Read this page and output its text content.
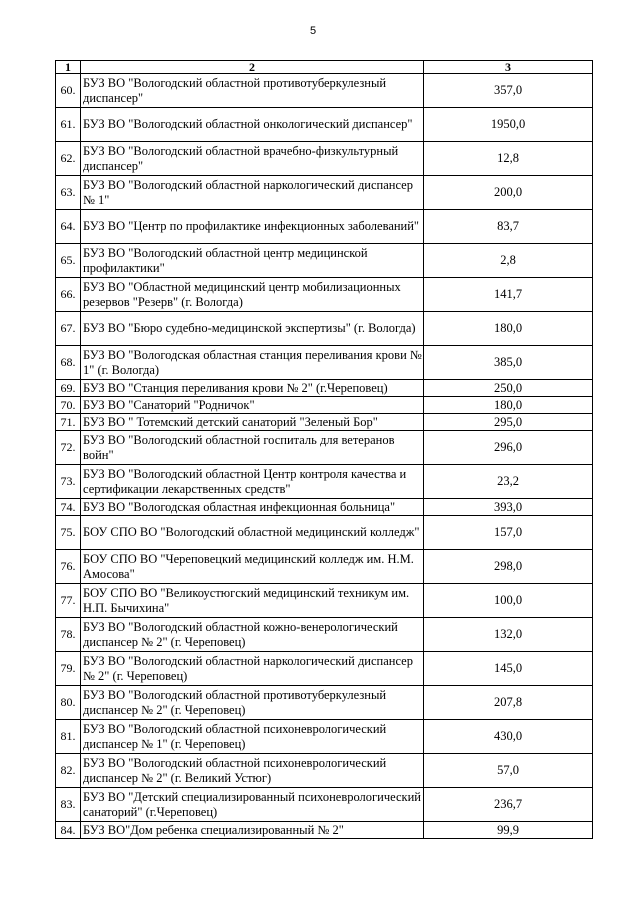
5
1	2	3
60.	БУЗ ВО "Вологодский областной противотуберкулезный диспансер"	357,0
61.	БУЗ ВО "Вологодский областной онкологический диспансер"	1950,0
62.	БУЗ ВО "Вологодский областной врачебно-физкультурный диспансер"	12,8
63.	БУЗ ВО "Вологодский областной наркологический диспансер № 1"	200,0
64.	БУЗ ВО "Центр по профилактике инфекционных заболеваний"	83,7
65.	БУЗ ВО "Вологодский областной центр медицинской профилактики"	2,8
66.	БУЗ ВО "Областной медицинский центр мобилизационных резервов "Резерв" (г. Вологда)	141,7
67.	БУЗ ВО "Бюро судебно-медицинской экспертизы" (г. Вологда)	180,0
68.	БУЗ ВО "Вологодская областная станция переливания крови № 1" (г. Вологда)	385,0
69.	БУЗ ВО "Станция переливания крови № 2" (г.Череповец)	250,0
70.	БУЗ ВО "Санаторий "Родничок"	180,0
71.	БУЗ ВО " Тотемский детский санаторий "Зеленый Бор"	295,0
72.	БУЗ ВО "Вологодский областной госпиталь для ветеранов войн"	296,0
73.	БУЗ ВО "Вологодский областной Центр контроля качества и сертификации лекарственных средств"	23,2
74.	БУЗ ВО "Вологодская областная инфекционная больница"	393,0
75.	БОУ СПО ВО "Вологодский областной медицинский колледж"	157,0
76.	БОУ СПО ВО "Череповецкий медицинский колледж им. Н.М. Амосова"	298,0
77.	БОУ СПО ВО "Великоустюгский медицинский техникум им. Н.П. Бычихина"	100,0
78.	БУЗ ВО "Вологодский областной кожно-венерологический диспансер № 2" (г. Череповец)	132,0
79.	БУЗ ВО "Вологодский областной наркологический диспансер № 2" (г. Череповец)	145,0
80.	БУЗ ВО "Вологодский областной противотуберкулезный диспансер № 2" (г. Череповец)	207,8
81.	БУЗ ВО "Вологодский областной психоневрологический диспансер № 1" (г. Череповец)	430,0
82.	БУЗ ВО "Вологодский областной психоневрологический диспансер № 2" (г. Великий Устюг)	57,0
83.	БУЗ ВО "Детский специализированный психоневрологический санаторий" (г.Череповец)	236,7
84.	БУЗ ВО"Дом ребенка специализированный № 2"	99,9
